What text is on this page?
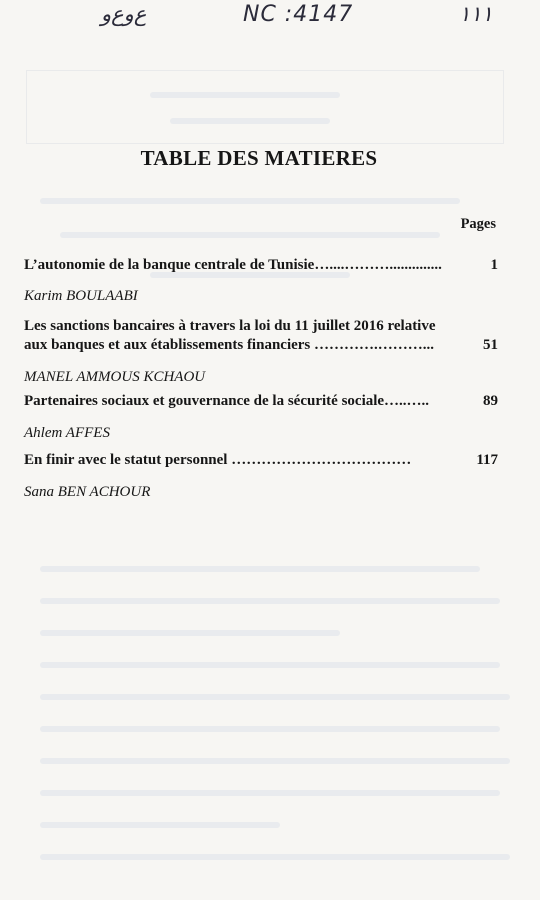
ﻉﻭﻉﻭ	NC :4147	١١١
TABLE DES MATIERES
Pages
1
L’autonomie de la banque centrale de Tunisie…....………..............
Karim BOULAABI
Les sanctions bancaires à travers la loi du 11 juillet 2016 relative
51
aux banques et aux établissements financiers ………….………...
MANEL AMMOUS KCHAOU
89
Partenaires sociaux et gouvernance de la sécurité sociale…..…..
Ahlem AFFES
117
En finir avec le statut personnel ………………………………
Sana BEN ACHOUR
